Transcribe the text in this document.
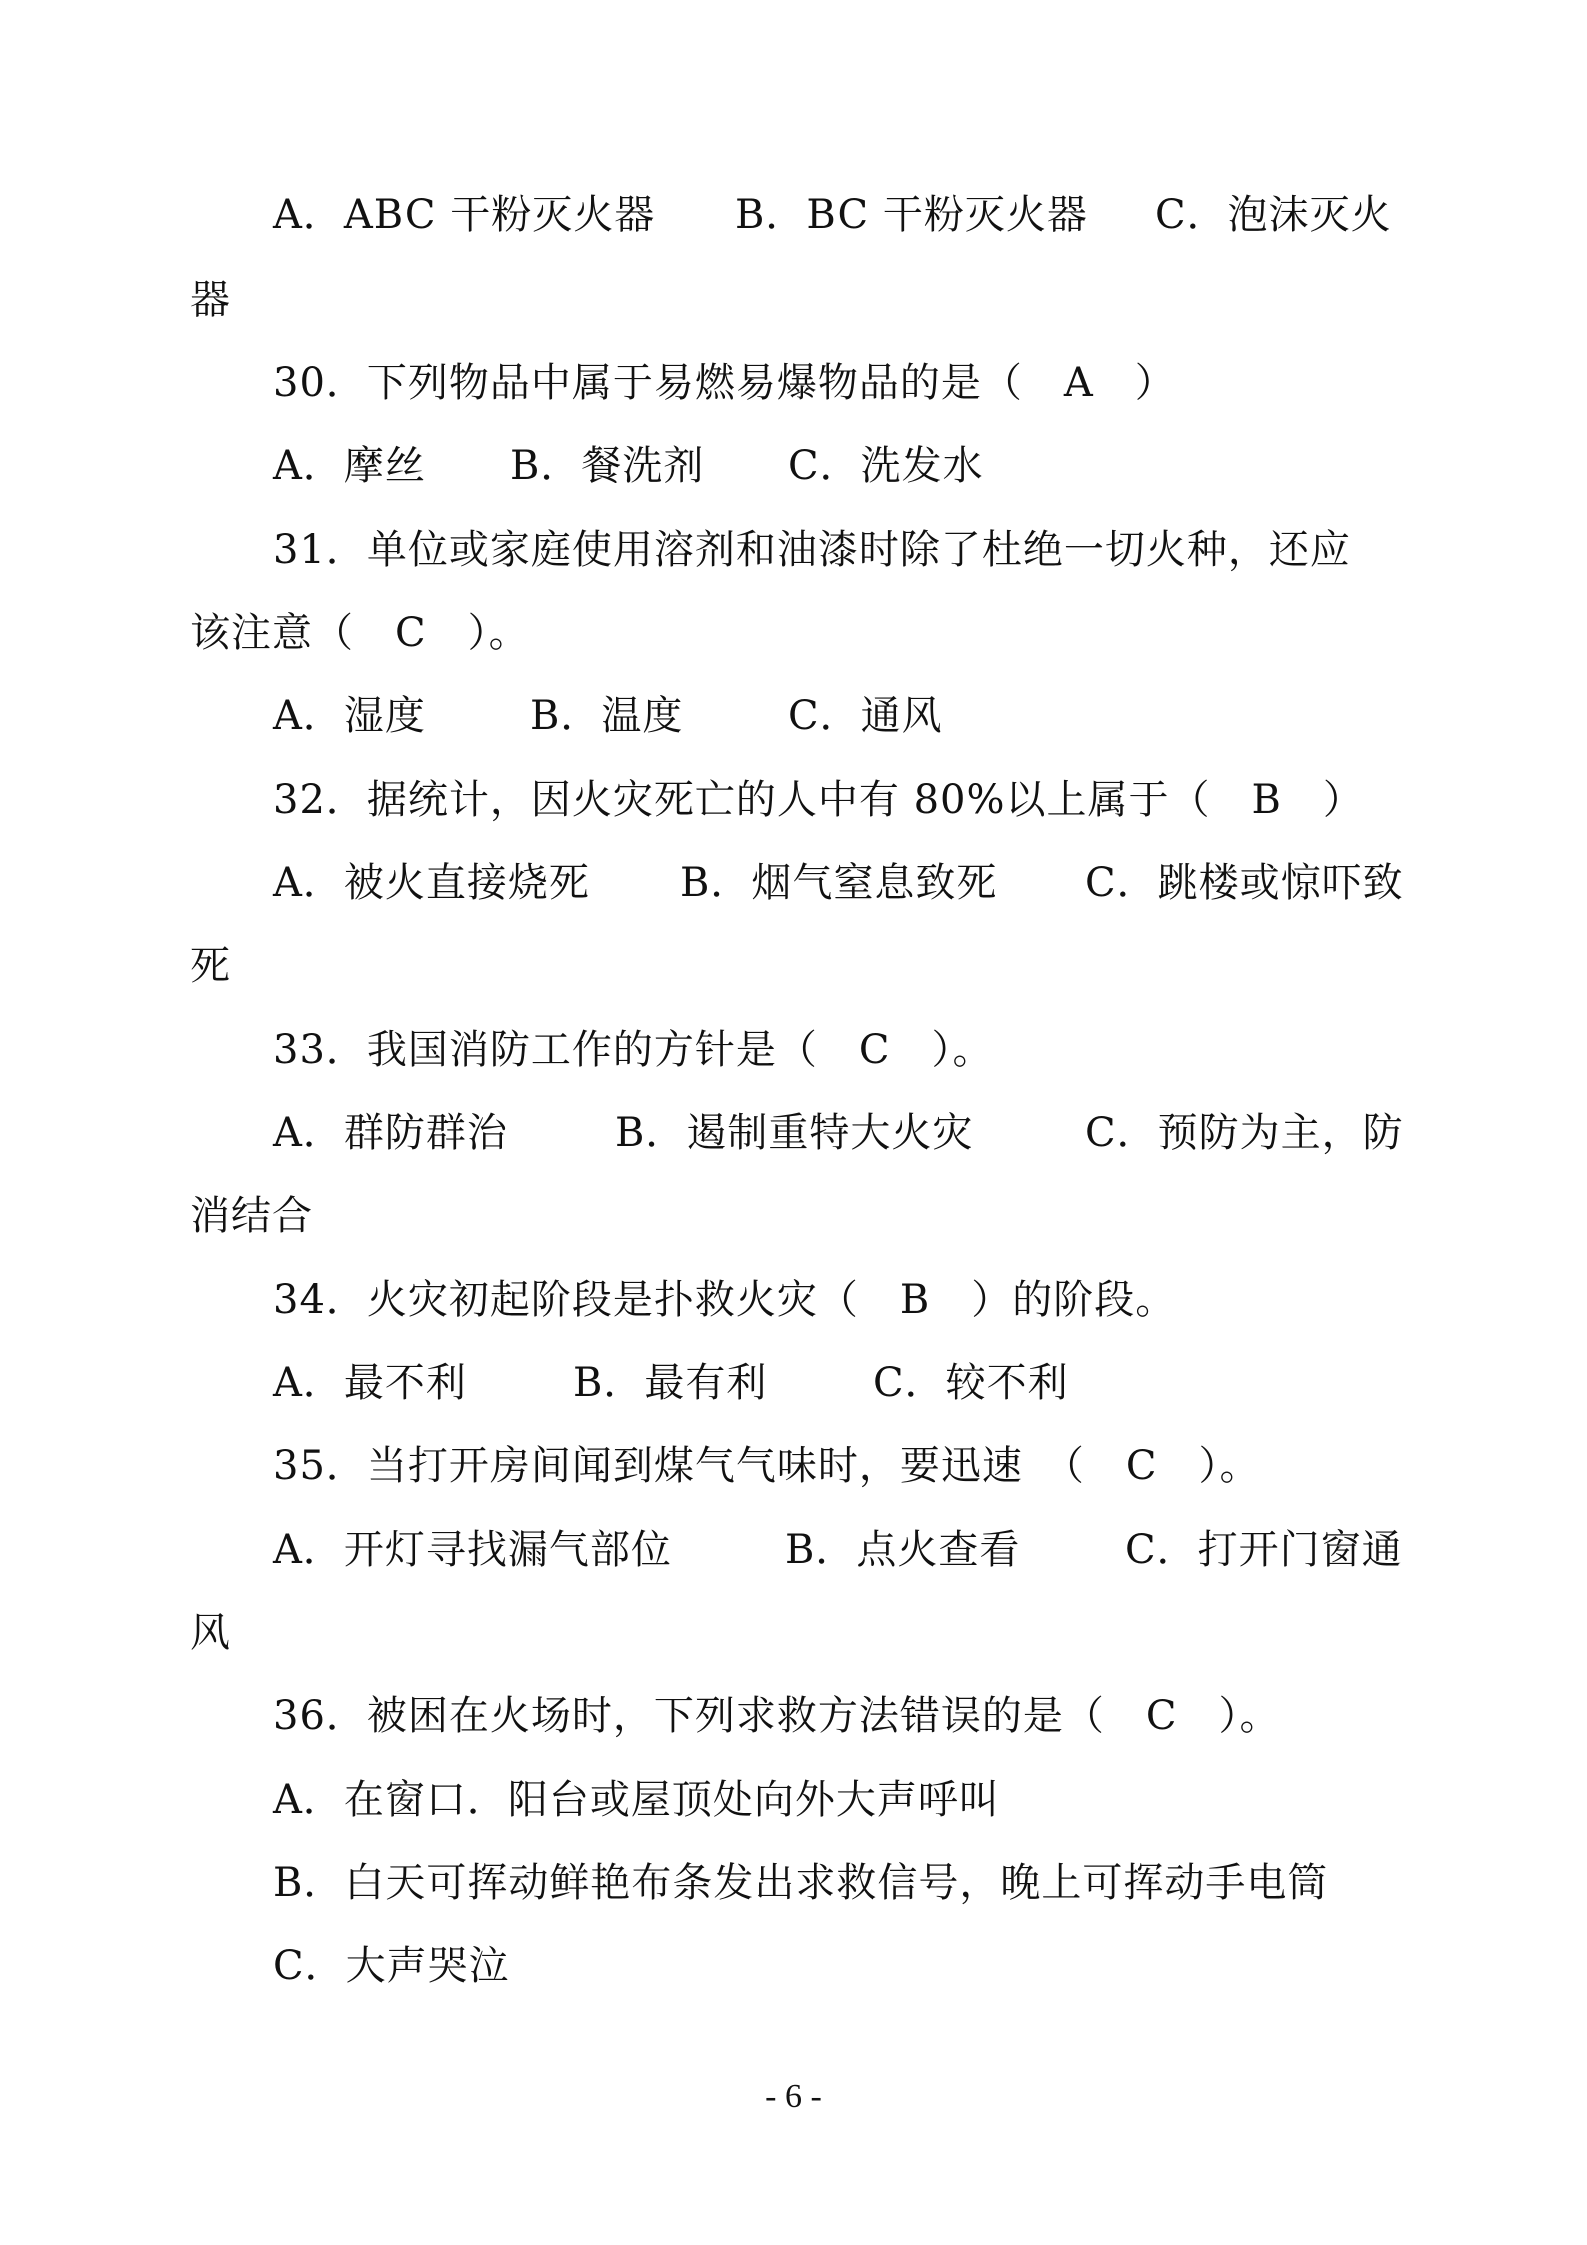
A．ABC 干粉灭火器 B．BC 干粉灭火器 C．泡沫灭火
器
30．下列物品中属于易燃易爆物品的是（　A　）
A．摩丝 B．餐洗剂 C．洗发水
31．单位或家庭使用溶剂和油漆时除了杜绝一切火种，还应
该注意（　C　）。
A．湿度	B．温度	C．通风
32．据统计，因火灾死亡的人中有 80%以上属于（　B　）
A．被火直接烧死 B．烟气窒息致死 C．跳楼或惊吓致
死
33．我国消防工作的方针是（　C　）。
A．群防群治	B．遏制重特大火灾	C．预防为主，防
消结合
34．火灾初起阶段是扑救火灾（　B　）的阶段。
A．最不利	B．最有利	C．较不利
35．当打开房间闻到煤气气味时，要迅速　（　C　）。
A．开灯寻找漏气部位	B．点火查看	C．打开门窗通
风
36．被困在火场时，下列求救方法错误的是（　C　）。
A．在窗口．阳台或屋顶处向外大声呼叫
B．白天可挥动鲜艳布条发出求救信号，晚上可挥动手电筒
C．大声哭泣
- 6 -
